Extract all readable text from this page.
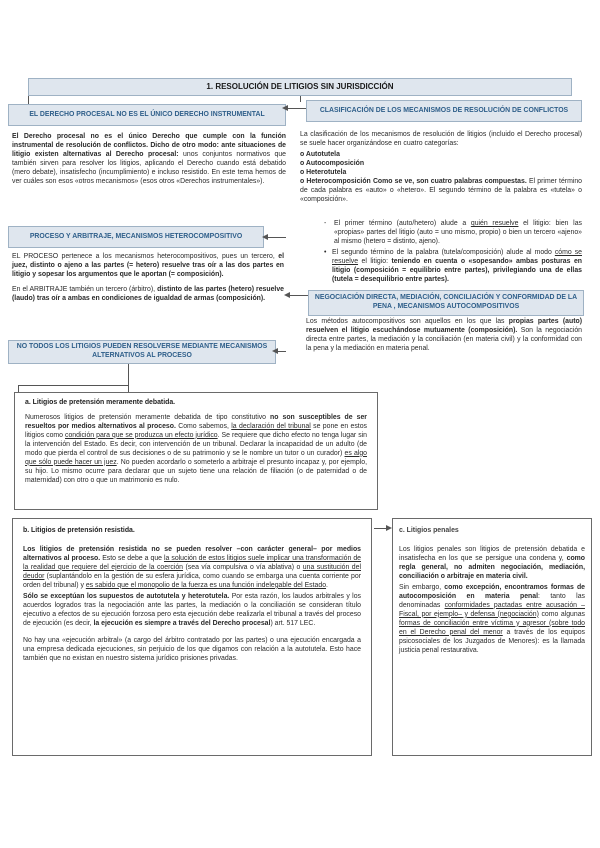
1. RESOLUCIÓN DE LITIGIOS SIN JURISDICCIÓN
EL DERECHO PROCESAL NO ES EL ÚNICO DERECHO INSTRUMENTAL
CLASIFICACIÓN DE LOS MECANISMOS DE RESOLUCIÓN DE CONFLICTOS

El Derecho procesal no es el único Derecho que cumple con la función instrumental de resolución de conflictos. Dicho de otro modo: ante situaciones de litigio existen alternativas al Derecho procesal: unos conjuntos normativos que también sirven para resolver los litigios, aplicando el Derecho cuando está debatido (mero debate), insatisfecho (incumplimiento) e incluso resistido. En este tema hemos de ver cuáles son esos «otros mecanismos» (esos otros «Derechos instrumentales»).

PROCESO Y ARBITRAJE, MECANISMOS HETEROCOMPOSITIVO

EL PROCESO pertenece a los mecanismos heterocompositivos, pues un tercero, el juez, distinto o ajeno a las partes (= hetero) resuelve tras oír a las dos partes en litigio y sopesar los argumentos que le aportan (= composición).

En el ARBITRAJE también un tercero (árbitro), distinto de las partes (hetero) resuelve (laudo) tras oír a ambas en condiciones de igualdad de armas (composición).

NO TODOS LOS LITIGIOS PUEDEN RESOLVERSE MEDIANTE MECANISMOS ALTERNATIVOS AL PROCESO

La clasificación de los mecanismos de resolución de litigios (incluido el Derecho procesal) se suele hacer organizándose en cuatro categorías:

o Autotutela

o Autocomposición

o Heterotutela

o Heterocomposición Como se ve, son cuatro palabras compuestas. El primer término de cada palabra es «auto» o «hetero». El segundo término de la palabra es «tutela» o «composición».

- El primer término (auto/hetero) alude a quién resuelve el litigio: bien las «propias» partes del litigio (auto = uno mismo, propio) o bien un tercero «ajeno» al mismo (hetero = distinto, ajeno).
• El segundo término de la palabra (tutela/composición) alude al modo cómo se resuelve el litigio: teniendo en cuenta o «sopesando» ambas posturas en litigio (composición = equilibrio entre partes), privilegiando una de ellas (tutela = desequilibrio entre partes).
NEGOCIACIÓN DIRECTA, MEDIACIÓN, CONCILIACIÓN Y CONFORMIDAD DE LA PENA , MECANISMOS AUTOCOMPOSITIVOS

Los métodos autocompositivos son aquellos en los que las propias partes (auto) resuelven el litigio escuchándose mutuamente (composición). Son la negociación directa entre partes, la mediación y la conciliación (en materia civil) y la conformidad con la pena y la mediación en materia penal.

a. Litigios de pretensión meramente debatida.

Numerosos litigios de pretensión meramente debatida de tipo constitutivo no son susceptibles de ser resueltos por medios alternativos al proceso. Como sabemos, la declaración del tribunal se pone en estos litigios como condición para que se produzca un efecto jurídico. Se requiere que dicho efecto no tenga lugar sin la intervención del Estado. Es decir, con intervención de un tribunal. Declarar la incapacidad de un adulto (de modo que pierda el control de sus decisiones o de su patrimonio y se le nombre un tutor o un curador) es algo que sólo puede hacer un juez. No pueden acordarlo o someterlo a arbitraje el presunto incapaz y, por ejemplo, su hijo. Lo mismo ocurre para declarar que un sujeto tiene una relación de filiación (o de paternidad o de maternidad) con otro o que un matrimonio es nulo.

b. Litigios de pretensión resistida.

Los litigios de pretensión resistida no se pueden resolver –con carácter general– por medios alternativos al proceso. Esto se debe a que la solución de estos litigios suele implicar una transformación de la realidad que requiere del ejercicio de la coerción (sea vía compulsiva o vía ablativa) o una sustitución del deudor (suplantándolo en la gestión de su esfera jurídica, como cuando se embarga una cuenta corriente por orden del tribunal) y es sabido que el monopolio de la fuerza es una función indelegable del Estado.

Sólo se exceptúan los supuestos de autotutela y heterotutela. Por esta razón, los laudos arbitrales y los acuerdos logrados tras la negociación ante las partes, la mediación o la conciliación se consideran título ejecutivo a efectos de su ejecución forzosa pero esta ejecución debe realizarla el tribunal a través del proceso de ejecución (es decir, la ejecución es siempre a través del Derecho procesal) art. 517 LEC.

No hay una «ejecución arbitral» (a cargo del árbitro contratado por las partes) o una ejecución encargada a una empresa dedicada ejecuciones, sin perjuicio de los que digamos con relación a la autotutela. Esto hace también que no existan en nuestro sistema jurídico prisiones privadas.

c. Litigios penales

Los litigios penales son litigios de pretensión debatida e insatisfecha en los que se persigue una condena y, como regla general, no admiten negociación, mediación, conciliación o arbitraje en materia civil.

Sin embargo, como excepción, encontramos formas de autocomposición en materia penal: tanto las denominadas conformidades pactadas entre acusación –Fiscal, por ejemplo– y defensa (negociación) como algunas formas de conciliación entre víctima y agresor (sobre todo en el Derecho penal del menor a través de los equipos psicosociales de los Juzgados de Menores): es la llamada justicia penal restaurativa.
